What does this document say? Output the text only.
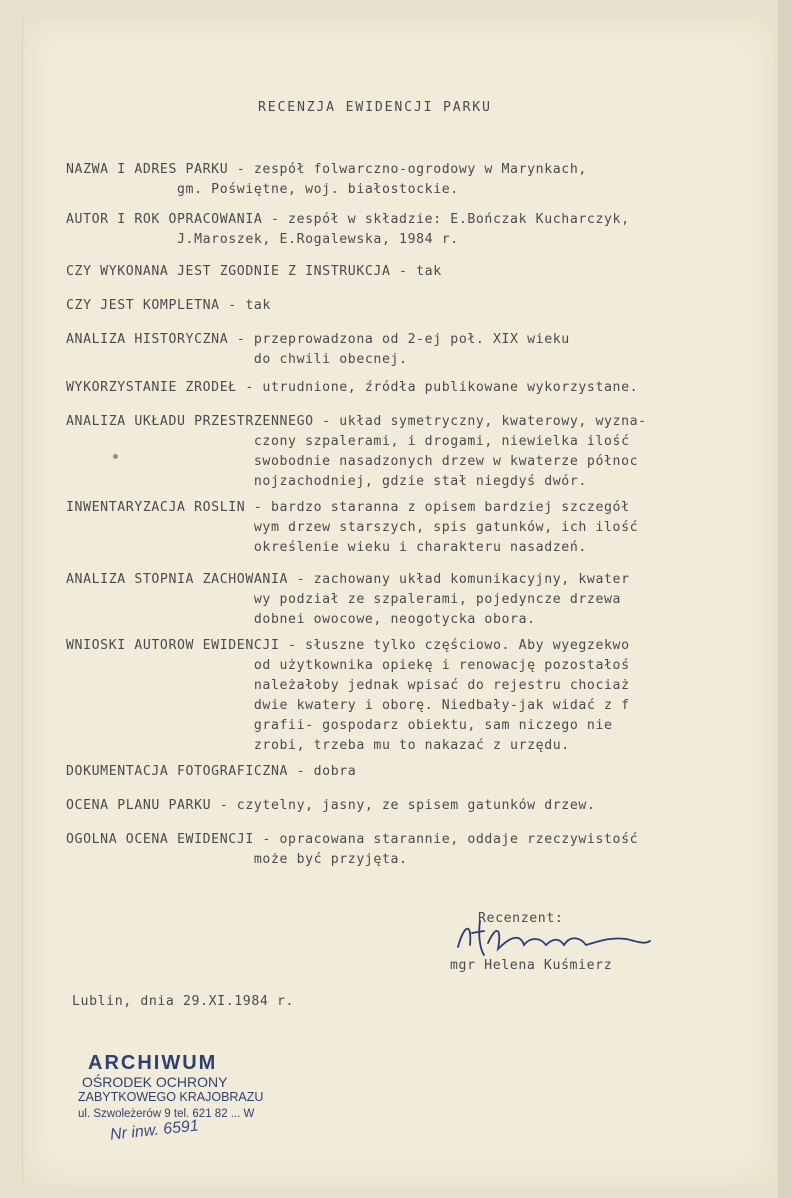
RECENZJA EWIDENCJI PARKU
NAZWA I ADRES PARKU - zespół folwarczno-ogrodowy w Marynkach,
gm. Poświętne, woj. białostockie.
AUTOR I ROK OPRACOWANIA - zespół w składzie: E.Bończak Kucharczyk,
J.Maroszek, E.Rogalewska, 1984 r.
CZY WYKONANA JEST ZGODNIE Z INSTRUKCJA - tak
CZY JEST KOMPLETNA - tak
ANALIZA HISTORYCZNA - przeprowadzona od 2-ej poł. XIX wieku
do chwili obecnej.
WYKORZYSTANIE ZRODEŁ - utrudnione, źródła publikowane wykorzystane.
ANALIZA UKŁADU PRZESTRZENNEGO - układ symetryczny, kwaterowy, wyzna-
czony szpalerami, i drogami, niewielka ilość
swobodnie nasadzonych drzew w kwaterze północ
nojzachodniej, gdzie stał niegdyś dwór.
INWENTARYZACJA ROSLIN - bardzo staranna z opisem bardziej szczegół
wym drzew starszych, spis gatunków, ich ilość
określenie wieku i charakteru nasadzeń.
ANALIZA STOPNIA ZACHOWANIA - zachowany układ komunikacyjny, kwater
wy podział ze szpalerami, pojedyncze drzewa
dobnei owocowe, neogotycka obora.
WNIOSKI AUTOROW EWIDENCJI - słuszne tylko częściowo. Aby wyegzekwo
od użytkownika opiekę i renowację pozostałoś
należałoby jednak wpisać do rejestru chociaż
dwie kwatery i oborę. Niedbały-jak widać z f
grafii- gospodarz obiektu, sam niczego nie
zrobi, trzeba mu to nakazać z urzędu.
DOKUMENTACJA FOTOGRAFICZNA - dobra
OCENA PLANU PARKU - czytelny, jasny, ze spisem gatunków drzew.
OGOLNA OCENA EWIDENCJI - opracowana starannie, oddaje rzeczywistość
może być przyjęta.
Recenzent:
mgr Helena Kuśmierz
Lublin, dnia 29.XI.1984 r.
ARCHIWUM
OŚRODEK OCHRONY
ZABYTKOWEGO KRAJOBRAZU
ul. Szwoleżerów 9 tel. 621 82 ... W
Nr inw. 6591
